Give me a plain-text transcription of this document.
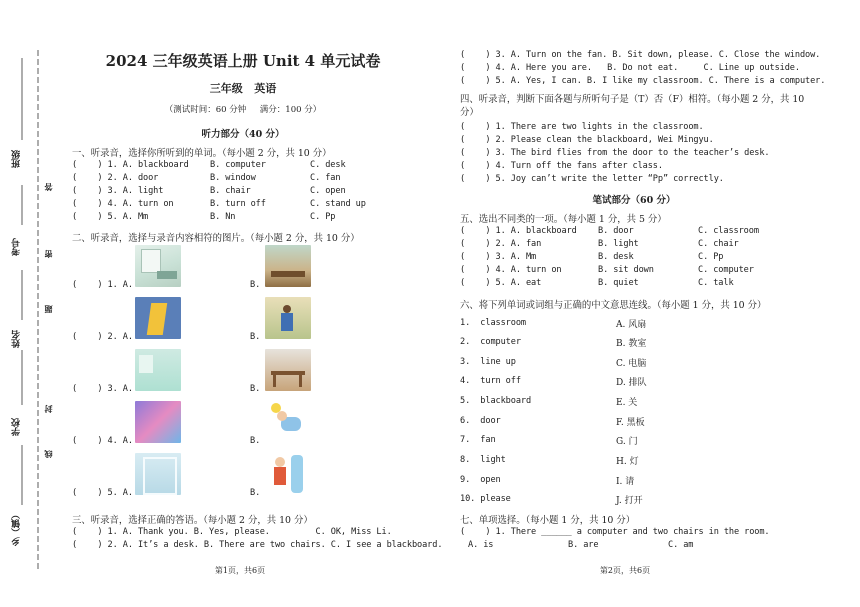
班级
考号
姓名
学校
乡（镇）
答
密
题
封
线
2024 三年级英语上册 Unit 4 单元试卷
三年级   英语
（测试时间：60 分钟     满分：100 分）
听力部分（40 分）
一、听录音，选择你所听到的单词。（每小题 2 分，共 10 分）
(    ) 1. A. blackboard B. computer	C. desk
(    ) 2. A. door	B. window	C. fan
(    ) 3. A. light	B. chair	C. open
(    ) 4. A. turn on	B. turn off	C. stand up
(    ) 5. A. Mm	B. Nn	C. Pp
二、听录音，选择与录音内容相符的图片。（每小题 2 分，共 10 分）
(    ) 1. A.	B.
(    ) 2. A.	B.
(    ) 3. A.	B.
(    ) 4. A.	B.
(    ) 5. A.	B.
三、听录音，选择正确的答语。（每小题 2 分，共 10 分）
(    ) 1. A. Thank you. B. Yes, please.         C. OK, Miss Li.
(    ) 2. A. It’s a desk. B. There are two chairs. C. I see a blackboard.
第1页，共6页
(    ) 3. A. Turn on the fan. B. Sit down, please. C. Close the window.
(    ) 4. A. Here you are.   B. Do not eat.     C. Line up outside.
(    ) 5. A. Yes, I can. B. I like my classroom. C. There is a computer.
四、听录音，判断下面各题与所听句子是（T）否（F）相符。（每小题 2 分，共 10 分）
(    ) 1. There are two lights in the classroom.
(    ) 2. Please clean the blackboard, Wei Mingyu.
(    ) 3. The bird flies from the door to the teacher’s desk.
(    ) 4. Turn off the fans after class.
(    ) 5. Joy can’t write the letter “Pp” correctly.
笔试部分（60 分）
五、选出不同类的一项。（每小题 1 分，共 5 分）
(    ) 1. A. blackboard B. door	C. classroom
(    ) 2. A. fan	B. light	C. chair
(    ) 3. A. Mm	B. desk	C. Pp
(    ) 4. A. turn on	B. sit down	C. computer
(    ) 5. A. eat	B. quiet	C. talk
六、将下列单词或词组与正确的中文意思连线。（每小题 1 分，共 10 分）
1.  classroom	A. 风扇
2.  computer	B. 教室
3.  line up	C. 电脑
4.  turn off	D. 排队
5.  blackboard	E. 关
6.  door	F. 黑板
7.  fan	G. 门
8.  light	H. 灯
9.  open	I. 请
10. please	J. 打开
七、单项选择。（每小题 1 分，共 10 分）
(    ) 1. There ______ a computer and two chairs in the room.
A. is	B. are	C. am
第2页，共6页
